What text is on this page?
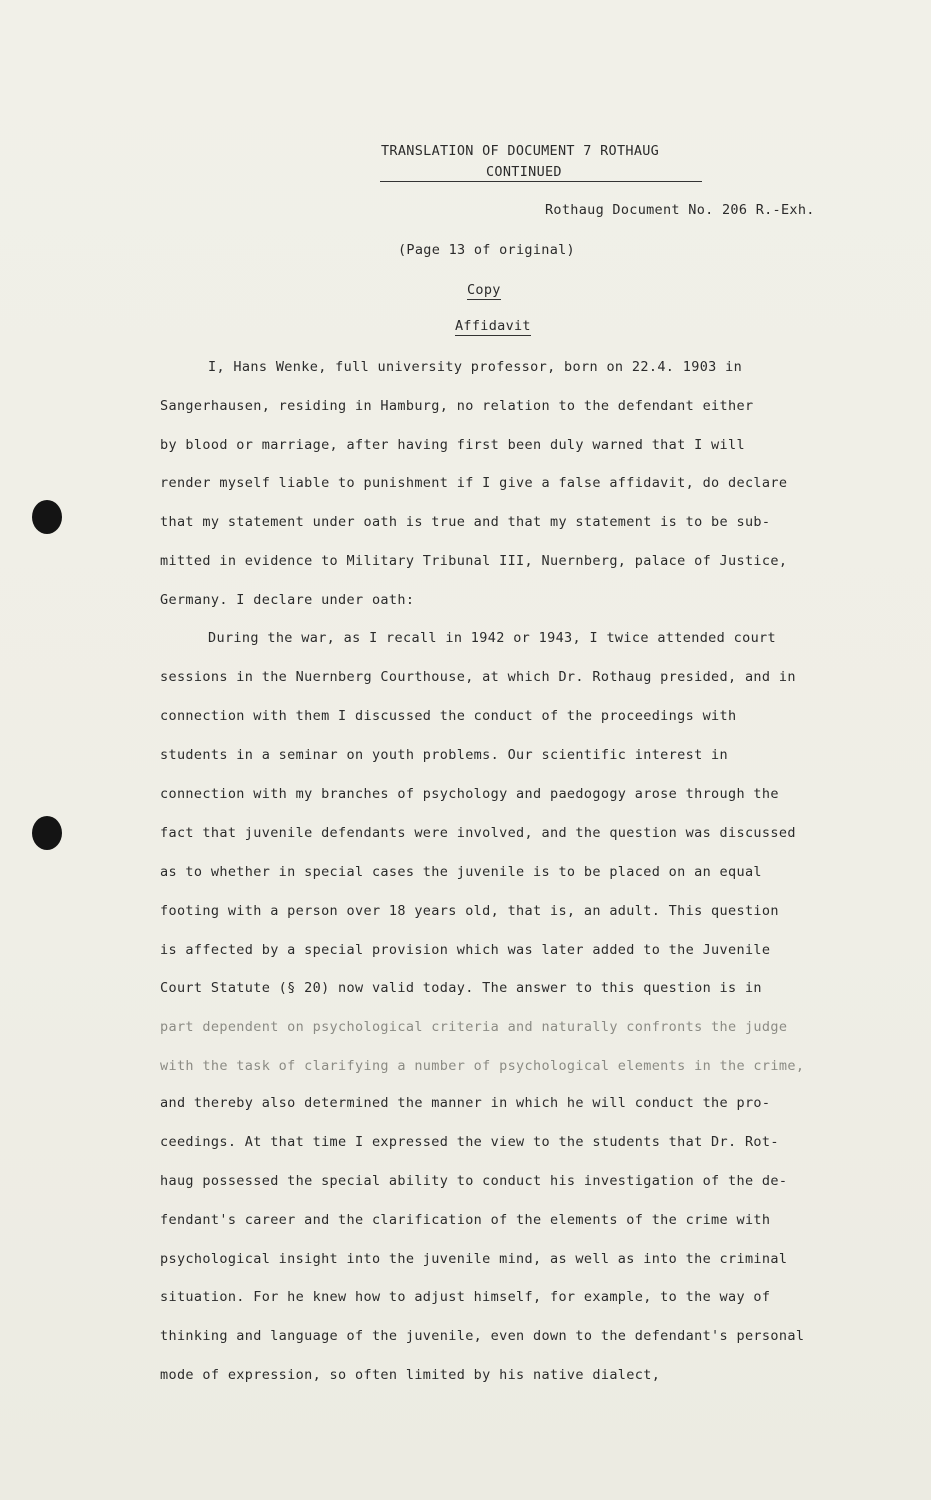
TRANSLATION OF DOCUMENT 7 ROTHAUG
CONTINUED
Rothaug Document No. 206 R.-Exh.
(Page 13 of original)
Copy
Affidavit
I, Hans Wenke, full university professor, born on 22.4. 1903 in
Sangerhausen, residing in Hamburg, no relation to the defendant either
by blood or marriage, after having first been duly warned that I will
render myself liable to punishment if I give a false affidavit, do declare
that my statement under oath is true and that my statement is to be sub-
mitted in evidence to Military Tribunal III, Nuernberg, palace of Justice,
Germany. I declare under oath:
During the war, as I recall in 1942 or 1943, I twice attended court
sessions in the Nuernberg Courthouse, at which Dr. Rothaug presided, and in
connection with them I discussed the conduct of the proceedings with
students in a seminar on youth problems. Our scientific interest in
connection with my branches of psychology and paedogogy arose through the
fact that juvenile defendants were involved, and the question was discussed
as to whether in special cases the juvenile is to be placed on an equal
footing with a person over 18 years old, that is, an adult. This question
is affected by a special provision which was later added to the Juvenile
Court Statute (§ 20) now valid today. The answer to this question is in
part dependent on psychological criteria and naturally confronts the judge
with the task of clarifying a number of psychological elements in the crime,
and thereby also determined the manner in which he will conduct the pro-
ceedings. At that time I expressed the view to the students that Dr. Rot-
haug possessed the special ability to conduct his investigation of the de-
fendant's career and the clarification of the elements of the crime with
psychological insight into the juvenile mind, as well as into the criminal
situation. For he knew how to adjust himself, for example, to the way of
thinking and language of the juvenile, even down to the defendant's personal
mode of expression, so often limited by his native dialect,
